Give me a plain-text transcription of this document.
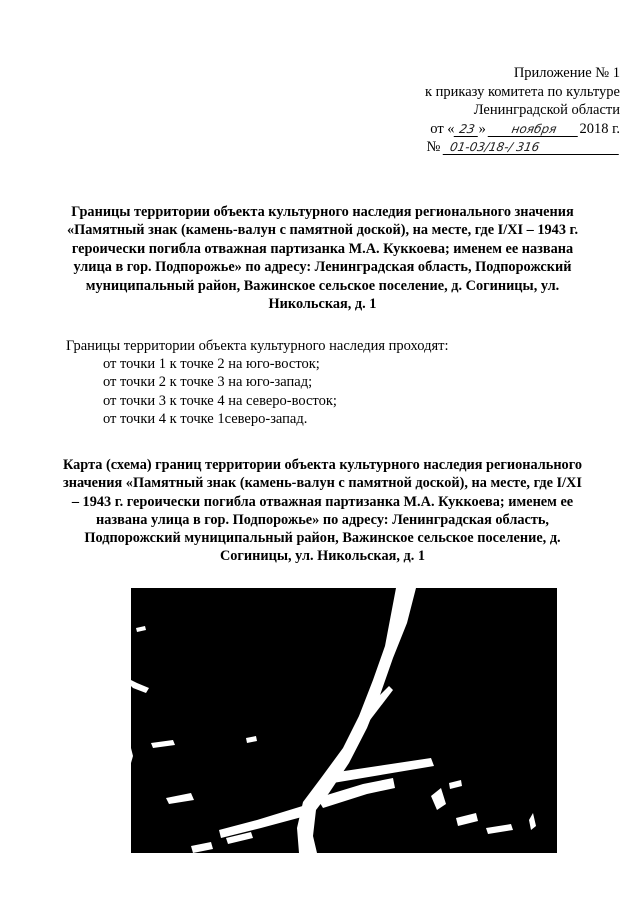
Приложение № 1
к приказу комитета по культуре
Ленинградской области
от « 23 » ноября 2018 г.
№ 01-03/18-/ 316
Границы территории объекта культурного наследия регионального значения «Памятный знак (камень-валун с памятной доской), на месте, где I/XI – 1943 г. героически погибла отважная партизанка М.А. Куккоева; именем ее названа улица в гор. Подпорожье» по адресу: Ленинградская область, Подпорожский муниципальный район, Важинское сельское поселение, д. Согиницы, ул. Никольская, д. 1
Границы территории объекта культурного наследия проходят:
от точки 1 к точке 2 на юго-восток;
от точки 2 к точке 3 на юго-запад;
от точки 3 к точке 4 на северо-восток;
от точки 4 к точке 1северо-запад.
Карта (схема) границ территории объекта культурного наследия регионального значения «Памятный знак (камень-валун с памятной доской), на месте, где I/XI – 1943 г. героически погибла отважная партизанка М.А. Куккоева; именем ее названа улица в гор. Подпорожье» по адресу: Ленинградская область, Подпорожский муниципальный район, Важинское сельское поселение, д. Согиницы, ул. Никольская, д. 1
